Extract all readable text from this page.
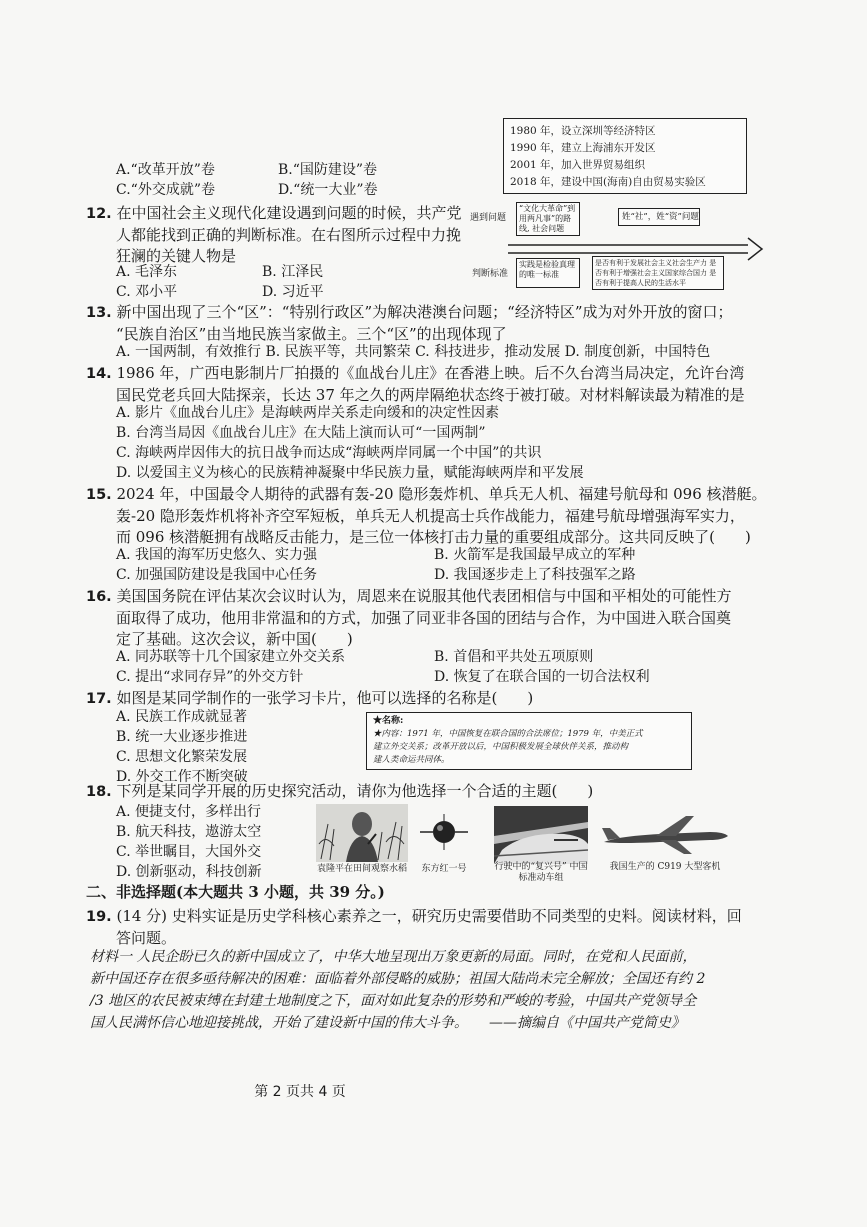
A.“改革开放”卷	B.“国防建设”卷
C.“外交成就”卷	D.“统一大业”卷
1980 年，设立深圳等经济特区
1990 年，建立上海浦东开发区
2001 年，加入世界贸易组织
2018 年，建设中国(海南)自由贸易实验区
12. 在中国社会主义现代化建设遇到问题的时候，共产党
人都能找到正确的判断标准。在右图所示过程中力挽
狂澜的关键人物是
A. 毛泽东	B. 江泽民
C. 邓小平	D. 习近平
遇到问题
判断标准
“文化大革命”到 用两凡事”的路线, 社会问题
姓“社”，姓“资”问题
实践是检验真理 的唯一标准
是否有利于发展社会主义社会生产力 是否有利于增强社会主义国家综合国力 是否有利于提高人民的生活水平
13. 新中国出现了三个“区”：“特别行政区”为解决港澳台问题；“经济特区”成为对外开放的窗口；
“民族自治区”由当地民族当家做主。三个“区”的出现体现了
A. 一国两制，有效推行 B. 民族平等，共同繁荣 C. 科技进步，推动发展 D. 制度创新，中国特色
14. 1986 年，广西电影制片厂拍摄的《血战台儿庄》在香港上映。后不久台湾当局决定，允许台湾
国民党老兵回大陆探亲，长达 37 年之久的两岸隔绝状态终于被打破。对材料解读最为精准的是
A. 影片《血战台儿庄》是海峡两岸关系走向缓和的决定性因素
B. 台湾当局因《血战台儿庄》在大陆上演而认可“一国两制”
C. 海峡两岸因伟大的抗日战争而达成“海峡两岸同属一个中国”的共识
D. 以爱国主义为核心的民族精神凝聚中华民族力量，赋能海峡两岸和平发展
15. 2024 年，中国最令人期待的武器有轰-20 隐形轰炸机、单兵无人机、福建号航母和 096 核潜艇。
轰-20 隐形轰炸机将补齐空军短板，单兵无人机提高士兵作战能力，福建号航母增强海军实力，
而 096 核潜艇拥有战略反击能力，是三位一体核打击力量的重要组成部分。这共同反映了(　　)
A. 我国的海军历史悠久、实力强	B. 火箭军是我国最早成立的军种
C. 加强国防建设是我国中心任务	D. 我国逐步走上了科技强军之路
16. 美国国务院在评估某次会议时认为，周恩来在说服其他代表团相信与中国和平相处的可能性方
面取得了成功，他用非常温和的方式，加强了同亚非各国的团结与合作，为中国进入联合国奠
定了基础。这次会议，新中国(　　)
A. 同苏联等十几个国家建立外交关系	B. 首倡和平共处五项原则
C. 提出“求同存异”的外交方针	D. 恢复了在联合国的一切合法权利
17. 如图是某同学制作的一张学习卡片，他可以选择的名称是(　　)
A. 民族工作成就显著
B. 统一大业逐步推进
C. 思想文化繁荣发展
D. 外交工作不断突破
★名称:
★内容：1971 年，中国恢复在联合国的合法席位；1979 年，中美正式
建立外交关系；改革开放以后，中国积极发展全球伙伴关系，推动构
建人类命运共同体。
18. 下列是某同学开展的历史探究活动，请你为他选择一个合适的主题(　　)
A. 便捷支付，多样出行
B. 航天科技，遨游太空
C. 举世瞩目，大国外交
D. 创新驱动，科技创新	袁隆平在田间观察水稻	东方红一号	行驶中的“复兴号” 中国标准动车组
我国生产的 C919 大型客机
二、非选择题(本大题共 3 小题，共 39 分。)
19. (14 分) 史料实证是历史学科核心素养之一，研究历史需要借助不同类型的史料。阅读材料，回
答问题。
材料一 人民企盼已久的新中国成立了，中华大地呈现出万象更新的局面。同时，在党和人民面前，
新中国还存在很多亟待解决的困难：面临着外部侵略的威胁；祖国大陆尚未完全解放；全国还有约 2
/3 地区的农民被束缚在封建土地制度之下，面对如此复杂的形势和严峻的考验，中国共产党领导全
国人民满怀信心地迎接挑战，开始了建设新中国的伟大斗争。　　——摘编自《中国共产党简史》
第 2 页共 4 页
